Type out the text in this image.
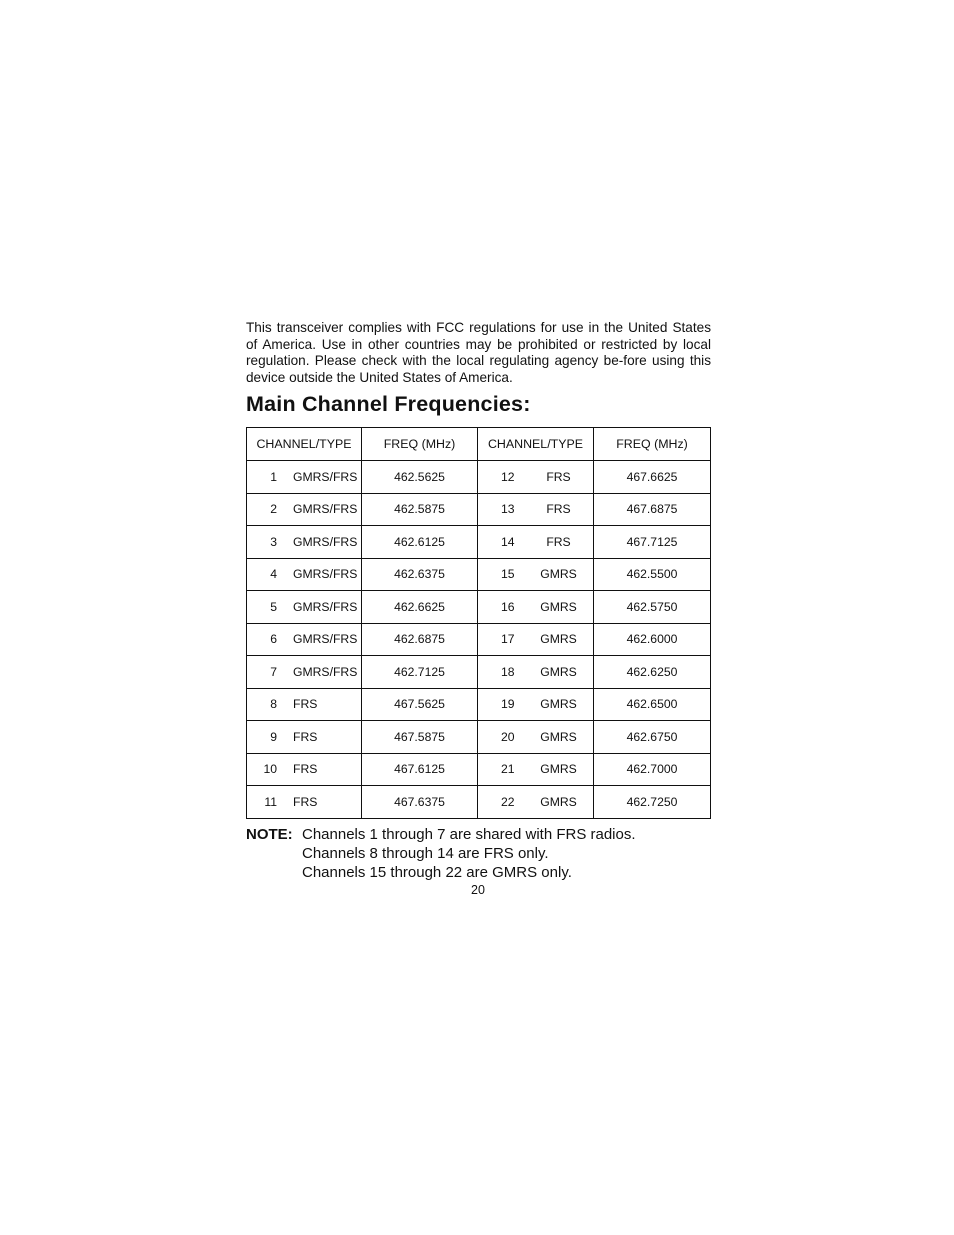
This transceiver complies with FCC regulations for use in the United States of America. Use in other countries may be prohibited or restricted by local regulation. Please check with the local regulating agency be-fore using this device outside the United States of America.

Main Channel Frequencies:
CHANNEL/TYPE	FREQ (MHz)	CHANNEL/TYPE	FREQ (MHz)

1 GMRS/FRS	462.5625	12 FRS	467.6625

2 GMRS/FRS	462.5875	13 FRS	467.6875

3 GMRS/FRS	462.6125	14 FRS	467.7125

4 GMRS/FRS	462.6375	15 GMRS	462.5500

5 GMRS/FRS	462.6625	16 GMRS	462.5750

6 GMRS/FRS	462.6875	17 GMRS	462.6000

7 GMRS/FRS	462.7125	18 GMRS	462.6250

8 FRS	467.5625	19 GMRS	462.6500

9 FRS	467.5875	20 GMRS	462.6750

10 FRS	467.6125	21 GMRS	462.7000

11 FRS	467.6375	22 GMRS	462.7250
NOTE: Channels 1 through 7 are shared with FRS radios.
Channels 8 through 14 are FRS only.
Channels 15 through 22 are GMRS only.
20
